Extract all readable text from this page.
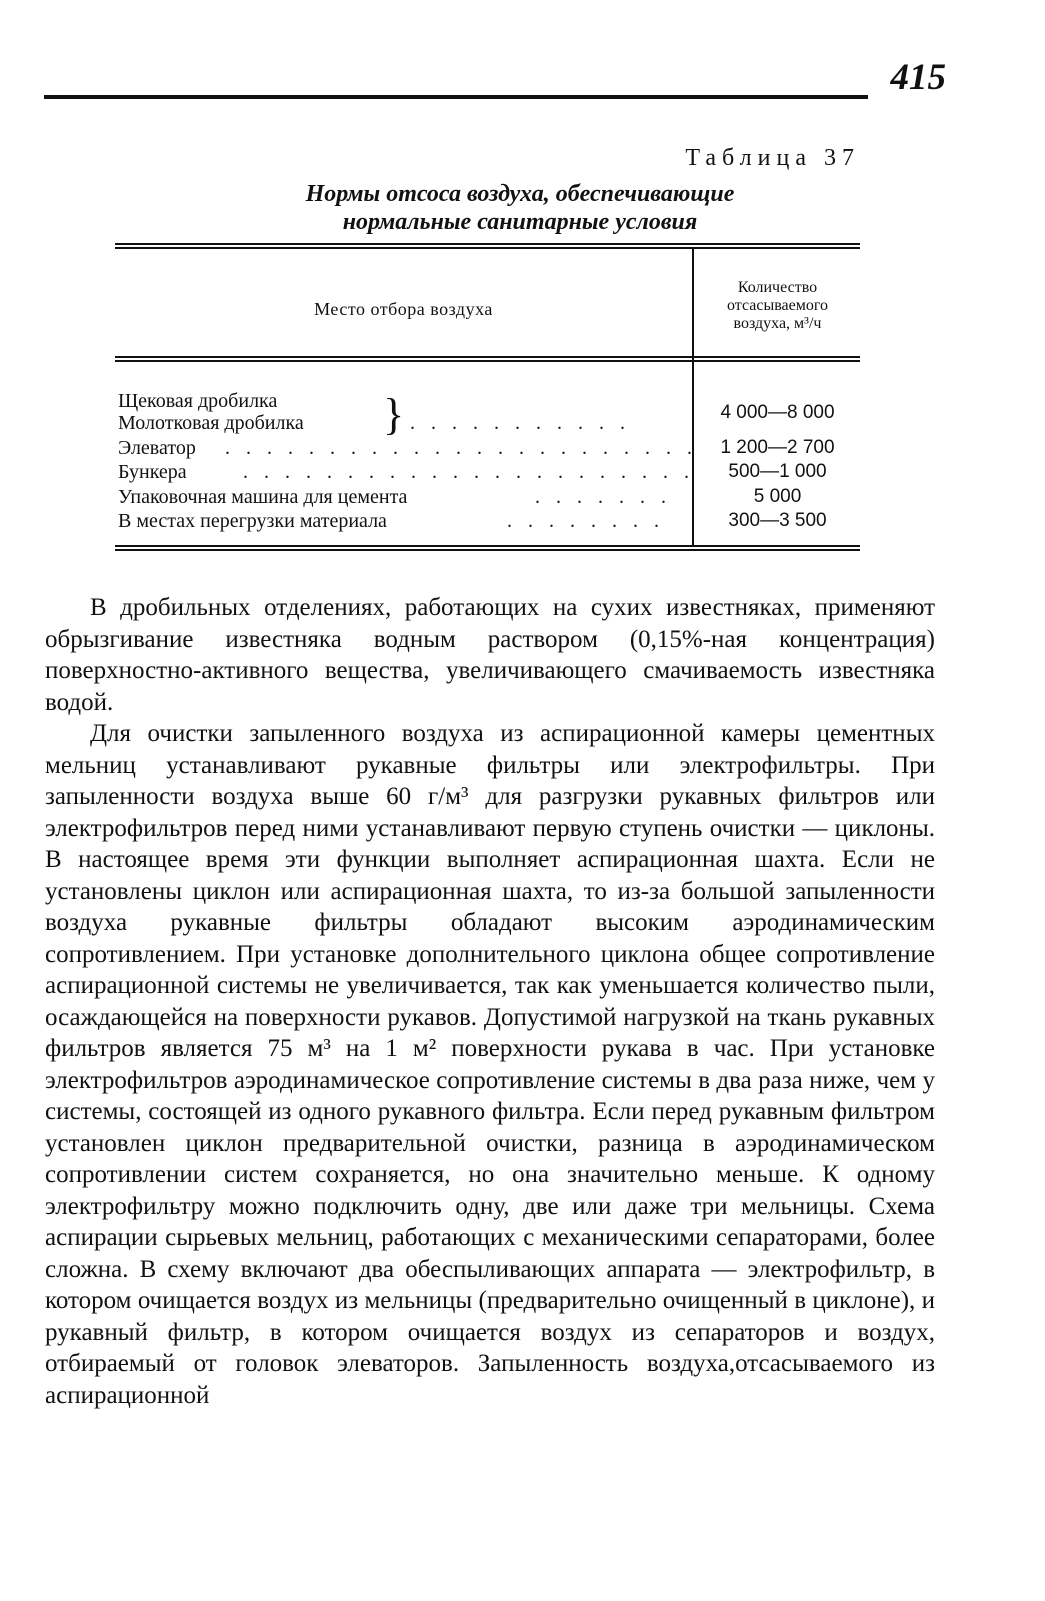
415
Таблица 37
Нормы отсоса воздуха, обеспечивающие
нормальные санитарные условия
Место отбора воздуха
Количество
отсасываемого
воздуха, м³/ч
Щековая дробилка }
Молотковая дробилка	. . . . . . . . . . .	4 000—8 000
Элеватор . . . . . . . . . . . . . . . . . . . . . . .	1 200—2 700
Бункера	. . . . . . . . . . . . . . . . . . . . . .	500—1 000
Упаковочная машина для цемента	. . . . . . .	5 000
В местах перегрузки материала	. . . . . . . .	300—3 500

В дробильных отделениях, работающих на сухих известняках, применяют обрызгивание известняка водным раствором (0,15%-ная концентрация) поверхностно-активного вещества, увеличивающего смачиваемость известняка водой.

Для очистки запыленного воздуха из аспирационной камеры цементных мельниц устанавливают рукавные фильтры или электрофильтры. При запыленности воздуха выше 60 г/м³ для разгрузки рукавных фильтров или электрофильтров перед ними устанавливают первую ступень очистки — циклоны. В настоящее время эти функции выполняет аспирационная шахта. Если не установлены циклон или аспирационная шахта, то из-за большой запыленности воздуха рукавные фильтры обладают высоким аэродинамическим сопротивлением. При установке дополнительного циклона общее сопротивление аспирационной системы не увеличивается, так как уменьшается количество пыли, осаждающейся на поверхности рукавов. Допустимой нагрузкой на ткань рукавных фильтров является 75 м³ на 1 м² поверхности рукава в час. При установке электрофильтров аэродинамическое сопротивление системы в два раза ниже, чем у системы, состоящей из одного рукавного фильтра. Если перед рукавным фильтром установлен циклон предварительной очистки, разница в аэродинамическом сопротивлении систем сохраняется, но она значительно меньше. К одному электрофильтру можно подключить одну, две или даже три мельницы. Схема аспирации сырьевых мельниц, работающих с механическими сепараторами, более сложна. В схему включают два обеспыливающих аппарата — электрофильтр, в котором очищается воздух из мельницы (предварительно очищенный в циклоне), и рукавный фильтр, в котором очищается воздух из сепараторов и воздух, отбираемый от головок элеваторов. Запыленность воздуха,отсасываемого из аспирационной
